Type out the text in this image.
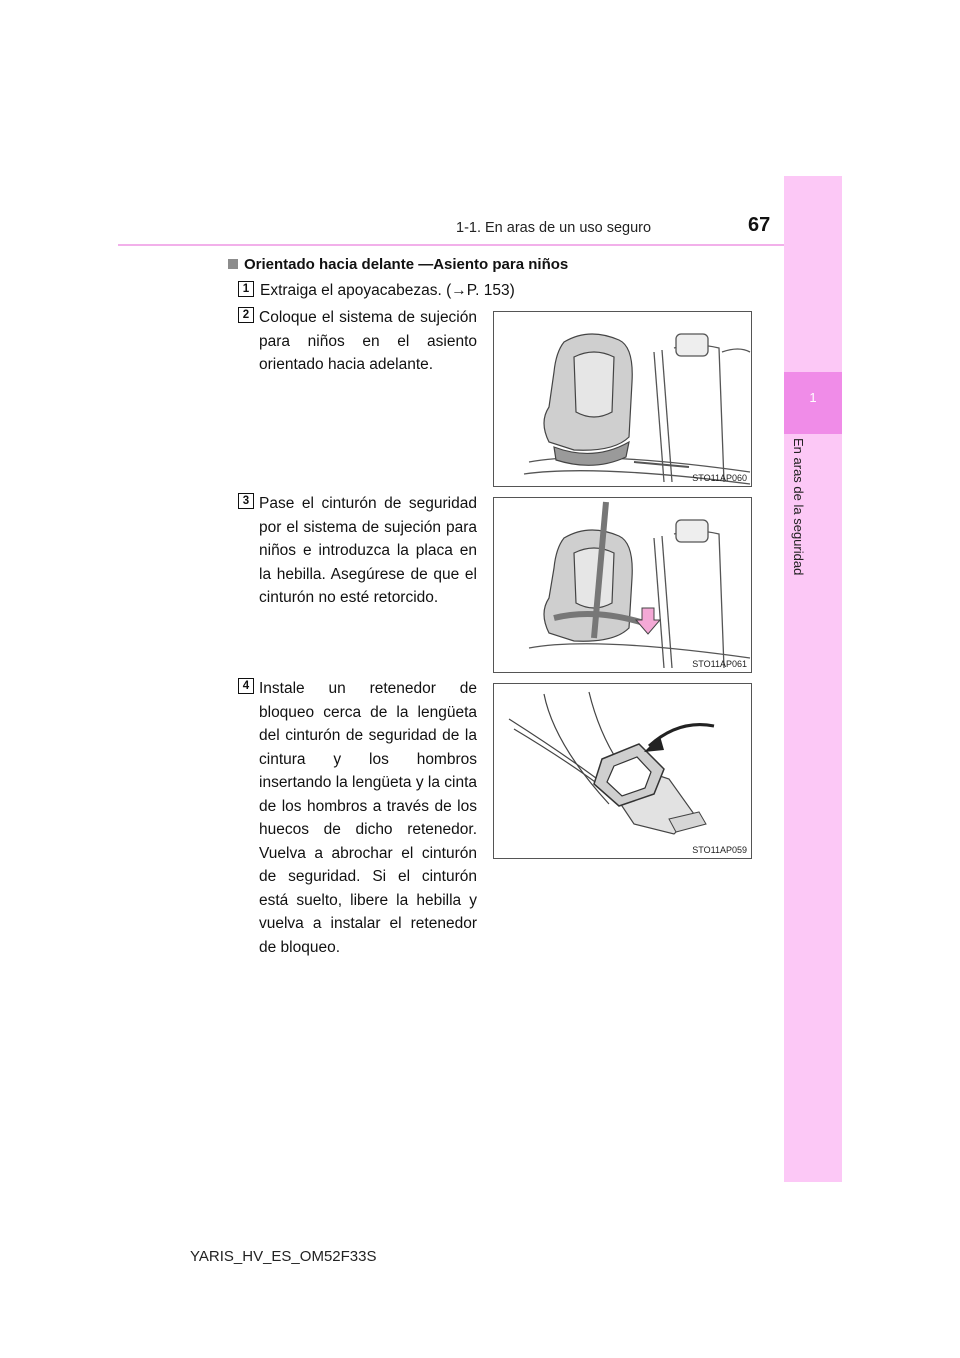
1-1. En aras de un uso seguro	67
1
En aras de la seguridad
Orientado hacia delante —Asiento para niños
1 Extraiga el apoyacabezas. (→P. 153)
2 Coloque el sistema de sujeción para niños en el asiento orientado hacia adelante.
STO11AP060
3 Pase el cinturón de seguridad por el sistema de sujeción para niños e introduzca la placa en la hebilla. Asegúrese de que el cinturón no esté retorcido.
STO11AP061
4 Instale un retenedor de bloqueo cerca de la lengüeta del cinturón de seguridad de la cintura y los hombros insertando la lengüeta y la cinta de los hombros a través de los huecos de dicho retenedor. Vuelva a abrochar el cinturón de seguridad. Si el cinturón está suelto, libere la hebilla y vuelva a instalar el retenedor de bloqueo.
STO11AP059
YARIS_HV_ES_OM52F33S
